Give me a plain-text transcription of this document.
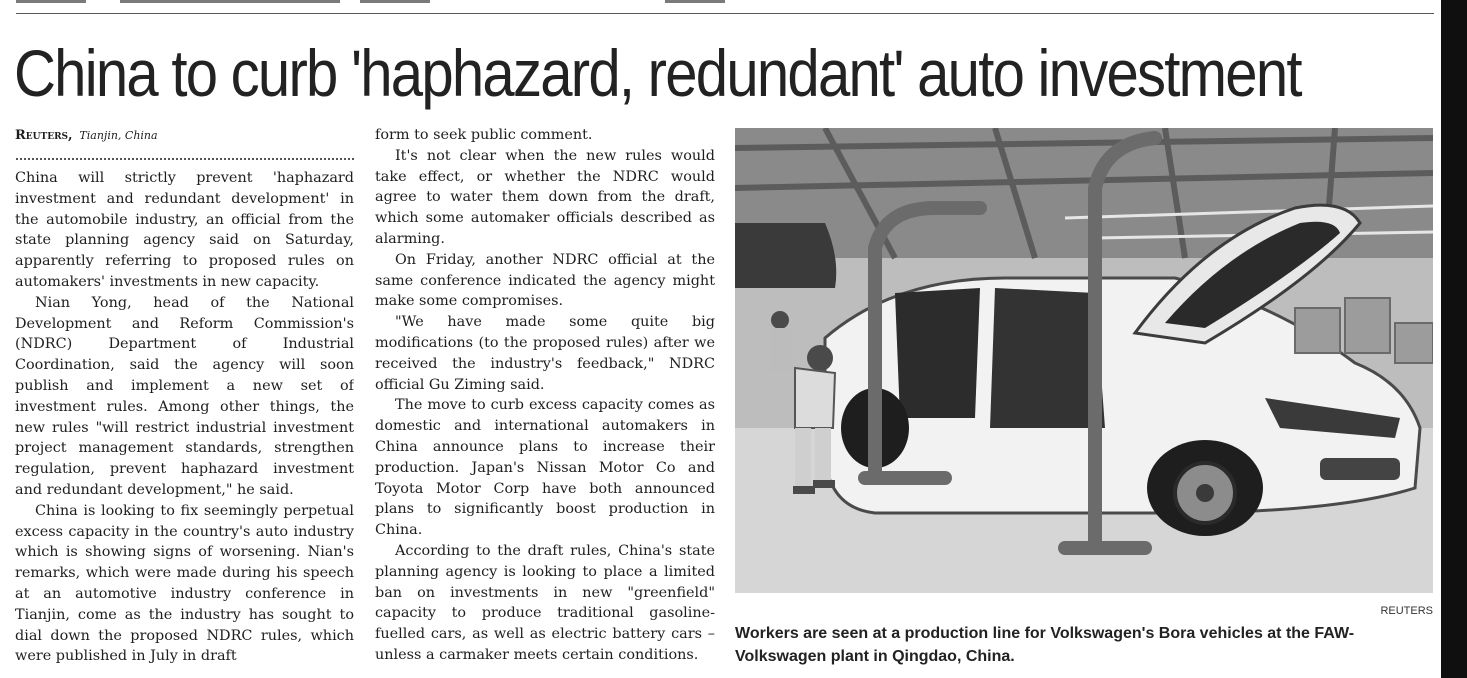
China to curb 'haphazard, redundant' auto investment
Reuters, Tianjin, China

China will strictly prevent 'haphazard investment and redundant development' in the automobile industry, an official from the state planning agency said on Saturday, apparently referring to proposed rules on automakers' investments in new capacity.

Nian Yong, head of the National Development and Reform Commission's (NDRC) Department of Industrial Coordination, said the agency will soon publish and implement a new set of investment rules. Among other things, the new rules "will restrict industrial investment project management standards, strengthen regulation, prevent haphazard investment and redundant development," he said.

China is looking to fix seemingly perpetual excess capacity in the country's auto industry which is showing signs of worsening. Nian's remarks, which were made during his speech at an automotive industry conference in Tianjin, come as the industry has sought to dial down the proposed NDRC rules, which were published in July in draft

form to seek public comment.

It's not clear when the new rules would take effect, or whether the NDRC would agree to water them down from the draft, which some automaker officials described as alarming.

On Friday, another NDRC official at the same conference indicated the agency might make some compromises.

"We have made some quite big modifications (to the proposed rules) after we received the industry's feedback," NDRC official Gu Ziming said.

The move to curb excess capacity comes as domestic and international automakers in China announce plans to increase their production. Japan's Nissan Motor Co and Toyota Motor Corp have both announced plans to significantly boost production in China.

According to the draft rules, China's state planning agency is looking to place a limited ban on investments in new "greenfield" capacity to produce traditional gasoline-fuelled cars, as well as electric battery cars – unless a carmaker meets certain conditions.

REUTERS
Workers are seen at a production line for Volkswagen's Bora vehicles at the FAW-Volkswagen plant in Qingdao, China.
